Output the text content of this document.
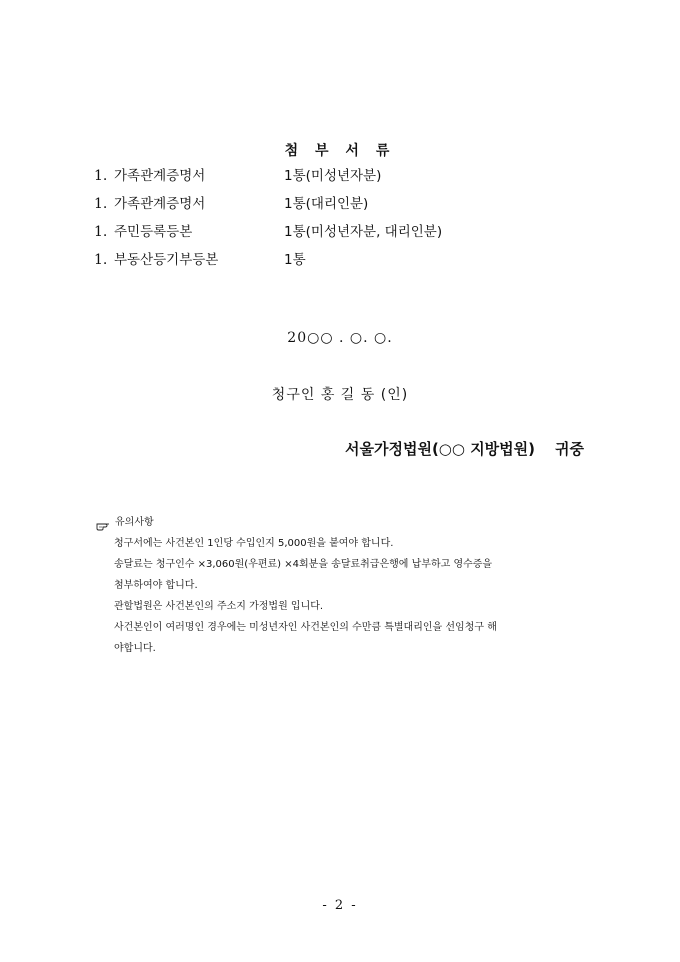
첨 부 서 류
1. 가족관계증명서	1통(미성년자분)
1. 가족관계증명서	1통(대리인분)
1. 주민등록등본	1통(미성년자분, 대리인분)
1. 부동산등기부등본	1통
20○○ . ○. ○.
청구인 홍 길 동 (인)
서울가정법원(○○ 지방법원) 귀중
유의사항
청구서에는 사건본인 1인당 수입인지 5,000원을 붙여야 합니다.
송달료는 청구인수 ×3,060원(우편료) ×4회분을 송달료취급은행에 납부하고 영수증을
첨부하여야 합니다.
관할법원은 사건본인의 주소지 가정법원 입니다.
사건본인이 여러명인 경우에는 미성년자인 사건본인의 수만큼 특별대리인을 선임청구 해
야합니다.
- 2 -
